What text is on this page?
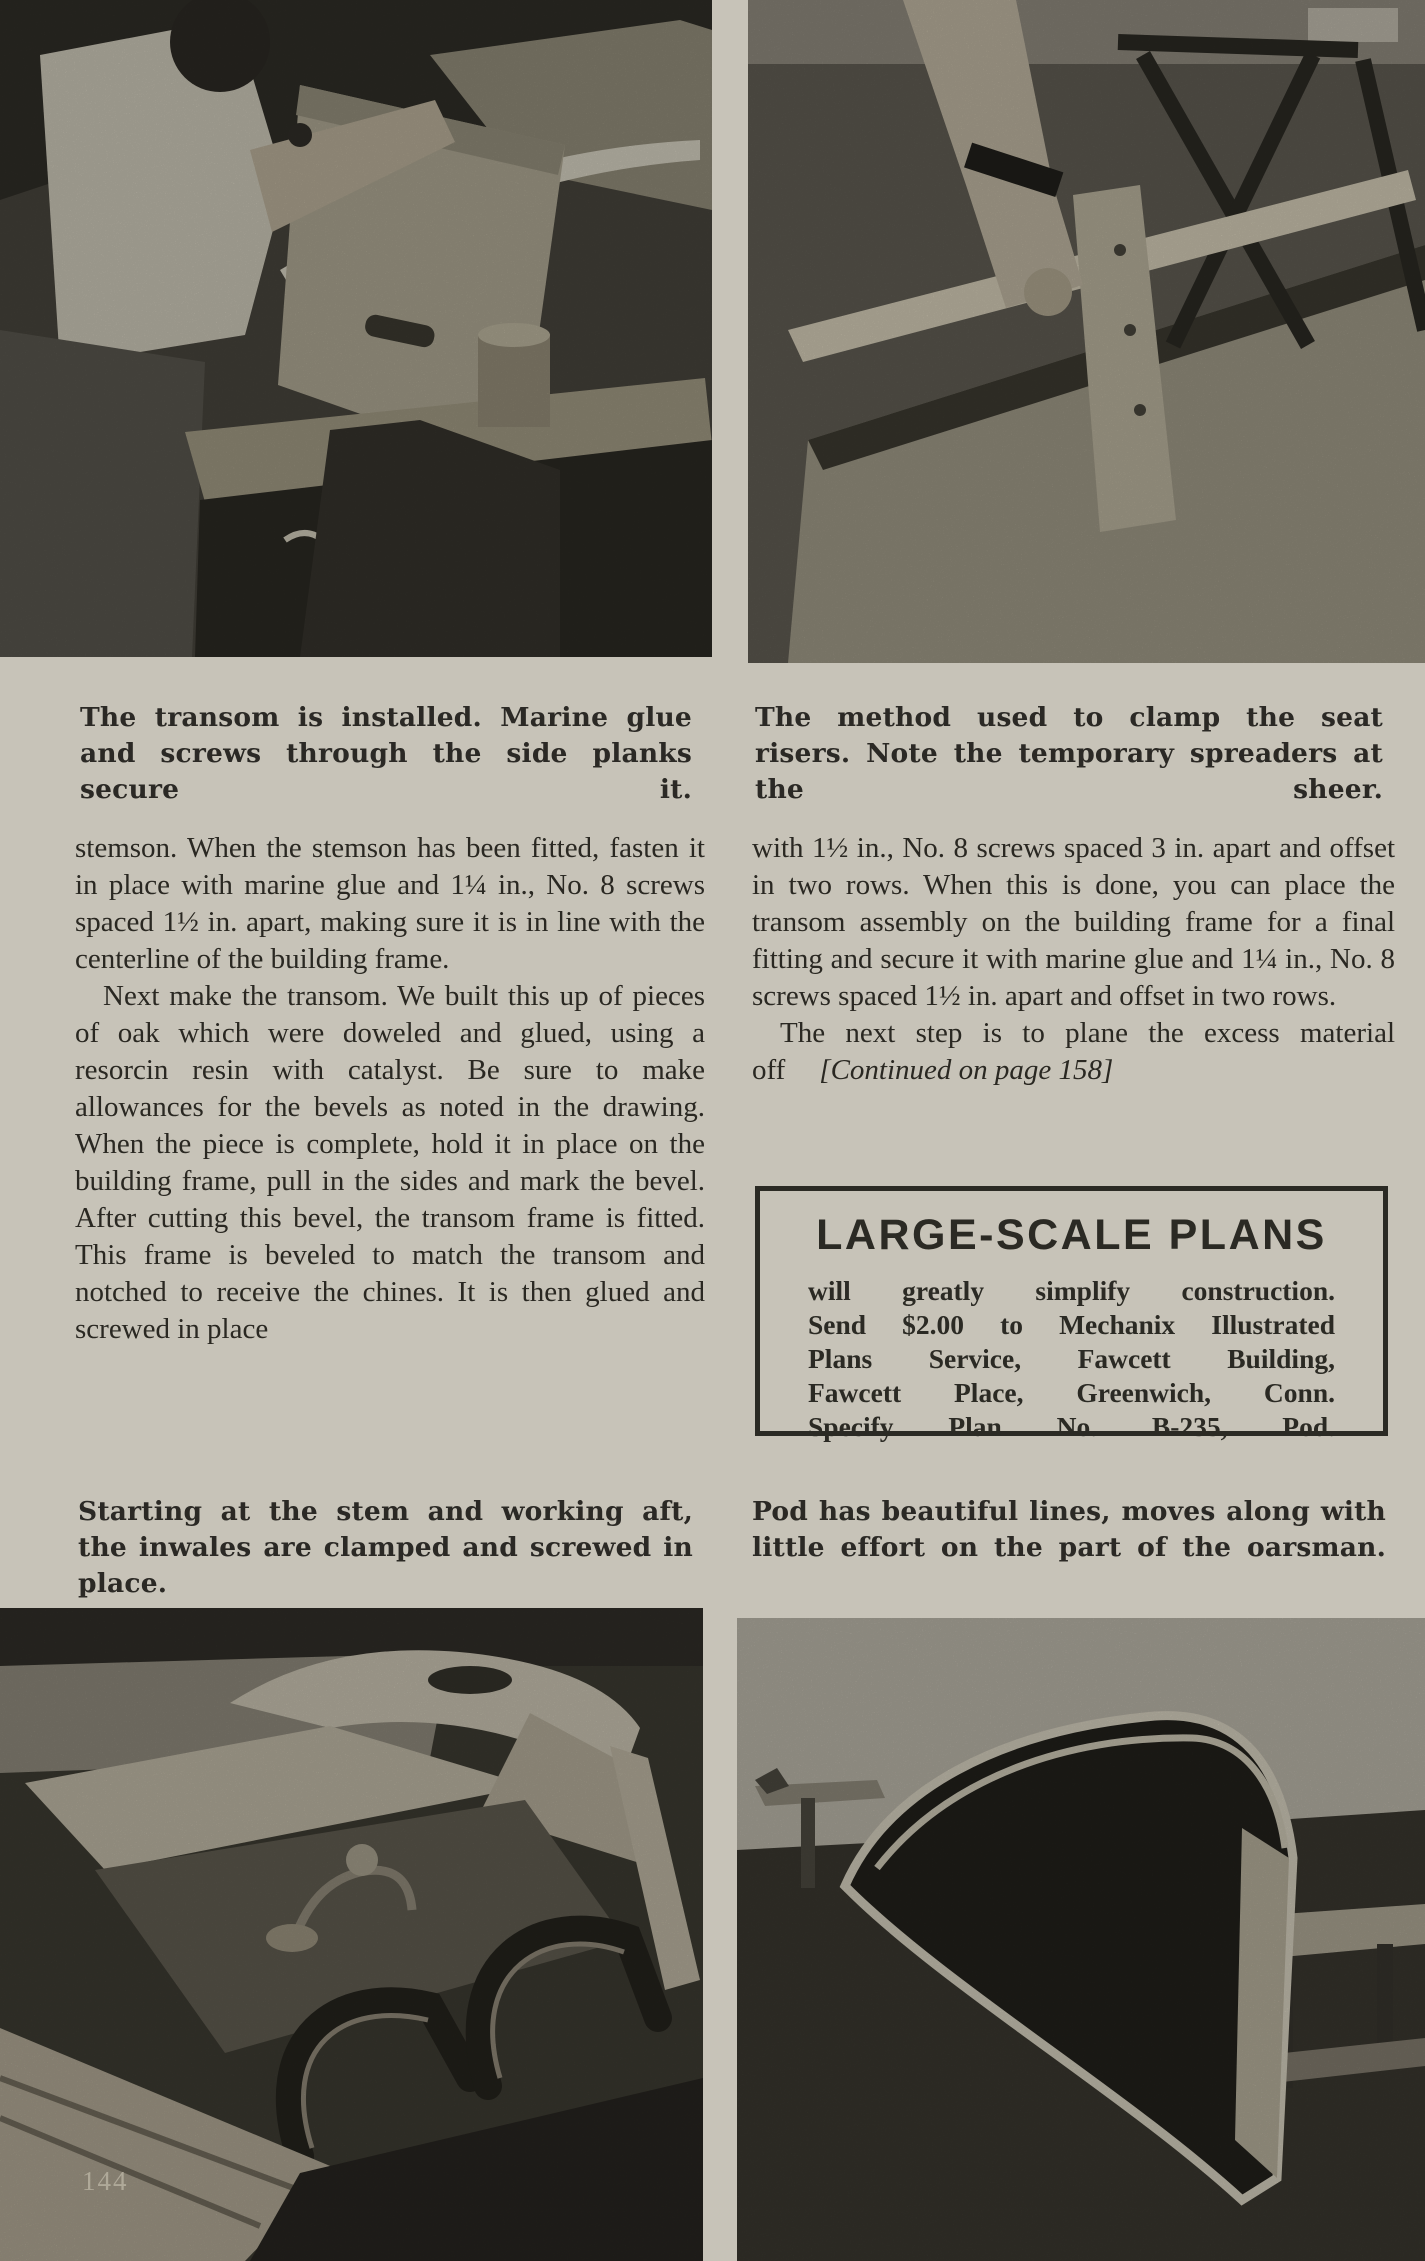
The transom is installed. Marine glue and screws through the side planks secure it.
The method used to clamp the seat risers. Note the temporary spreaders at the sheer.

stemson. When the stemson has been fitted, fasten it in place with marine glue and 1¼ in., No. 8 screws spaced 1½ in. apart, making sure it is in line with the centerline of the building frame.

Next make the transom. We built this up of pieces of oak which were doweled and glued, using a resorcin resin with catalyst. Be sure to make allowances for the bevels as noted in the drawing. When the piece is complete, hold it in place on the building frame, pull in the sides and mark the bevel. After cutting this bevel, the transom frame is fitted. This frame is beveled to match the transom and notched to receive the chines. It is then glued and screwed in place

with 1½ in., No. 8 screws spaced 3 in. apart and offset in two rows. When this is done, you can place the transom assembly on the building frame for a final fitting and secure it with marine glue and 1¼ in., No. 8 screws spaced 1½ in. apart and offset in two rows.

The next step is to plane the excess material off [Continued on page 158]

LARGE-SCALE PLANS
will greatly simplify construction.
Send $2.00 to Mechanix Illustrated
Plans Service, Fawcett Building,
Fawcett Place, Greenwich, Conn.
Specify Plan No. B-235, Pod.
Starting at the stem and working aft, the inwales are clamped and screwed in place.
Pod has beautiful lines, moves along with little effort on the part of the oarsman.
144
